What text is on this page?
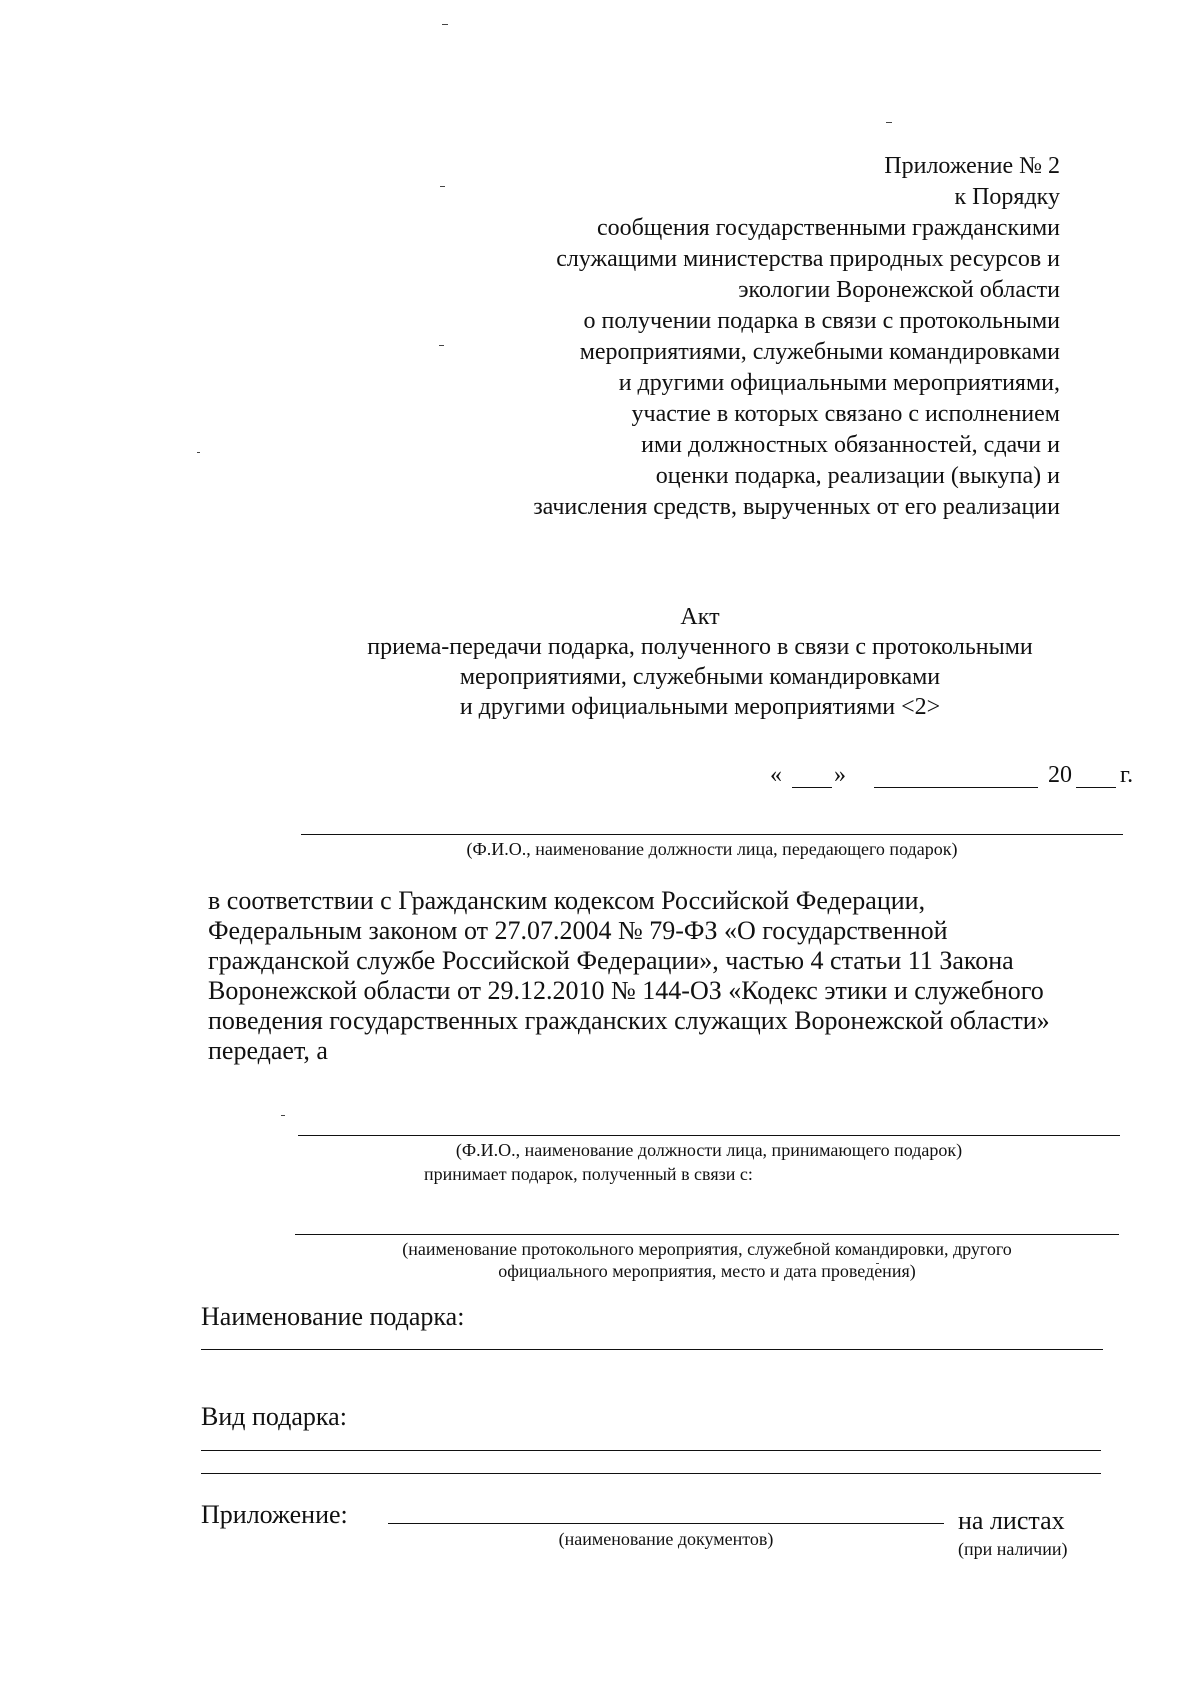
Приложение № 2
к Порядку
сообщения государственными гражданскими
служащими министерства природных ресурсов и
экологии Воронежской области
о получении подарка в связи с протокольными
мероприятиями, служебными командировками
и другими официальными мероприятиями,
участие в которых связано с исполнением
ими должностных обязанностей, сдачи и
оценки подарка, реализации (выкупа) и
зачисления средств, вырученных от его реализации
Акт
приема-передачи подарка, полученного в связи с протокольными
мероприятиями, служебными командировками
и другими официальными мероприятиями <2>
« »	20 г.
(Ф.И.О., наименование должности лица, передающего подарок)

в соответствии с Гражданским кодексом Российской Федерации,

Федеральным законом от 27.07.2004 № 79-ФЗ «О государственной

гражданской службе Российской Федерации», частью 4 статьи 11 Закона

Воронежской области от 29.12.2010 № 144-ОЗ «Кодекс этики и служебного

поведения государственных гражданских служащих Воронежской области»

передает, а

(Ф.И.О., наименование должности лица, принимающего подарок)
принимает подарок, полученный в связи с:
(наименование протокольного мероприятия, служебной командировки, другого
официального мероприятия, место и дата проведения)
Наименование подарка:
Вид подарка:
Приложение:
(наименование документов)
на листах
(при наличии)
